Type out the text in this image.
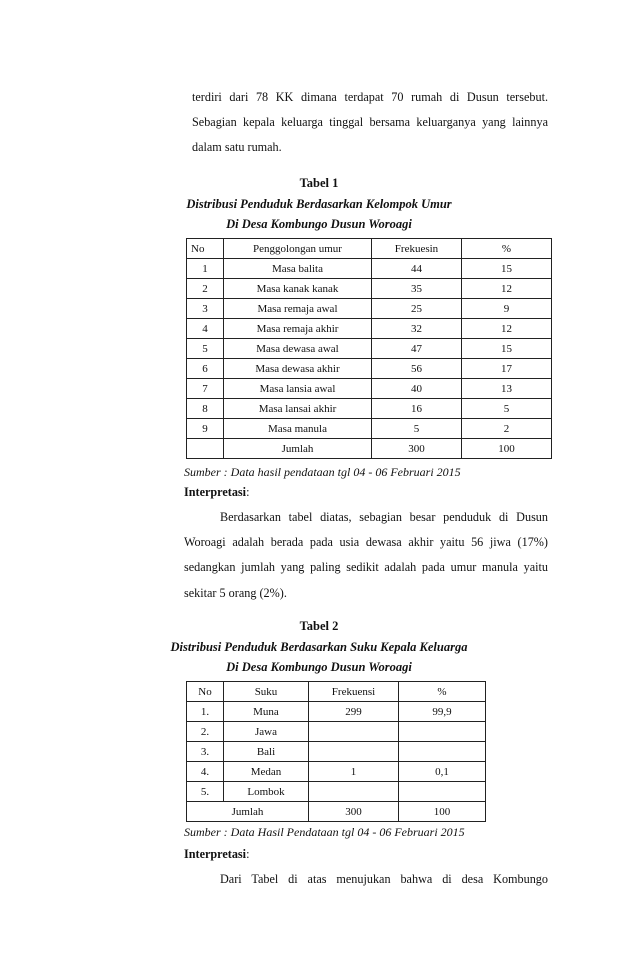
terdiri dari 78 KK dimana terdapat 70 rumah di Dusun tersebut.
Sebagian kepala keluarga tinggal bersama keluarganya yang lainnya
dalam satu rumah.
Tabel 1
Distribusi Penduduk Berdasarkan Kelompok Umur
Di Desa Kombungo Dusun Woroagi
No	Penggolongan umur	Frekuesin	%
1	Masa balita	44	15
2	Masa kanak kanak	35	12
3	Masa remaja awal	25	9
4	Masa remaja akhir	32	12
5	Masa dewasa awal	47	15
6	Masa dewasa akhir	56	17
7	Masa lansia awal	40	13
8	Masa lansai akhir	16	5
9	Masa manula	5	2
	Jumlah	300	100
Sumber : Data hasil pendataan tgl 04 - 06 Februari 2015
Interpretasi:
Berdasarkan tabel diatas, sebagian besar penduduk di Dusun
Woroagi adalah berada pada usia dewasa akhir yaitu 56 jiwa (17%)
sedangkan jumlah yang paling sedikit adalah pada umur manula yaitu
sekitar 5 orang (2%).
Tabel 2
Distribusi Penduduk Berdasarkan Suku Kepala Keluarga
Di Desa Kombungo Dusun Woroagi
No	Suku	Frekuensi	%
1.	Muna	299	99,9
2.	Jawa		
3.	Bali		
4.	Medan	1	0,1
5.	Lombok		
Jumlah		300	100
Sumber : Data Hasil Pendataan tgl 04 - 06 Februari 2015
Interpretasi:
Dari Tabel di atas menujukan bahwa di desa Kombungo
